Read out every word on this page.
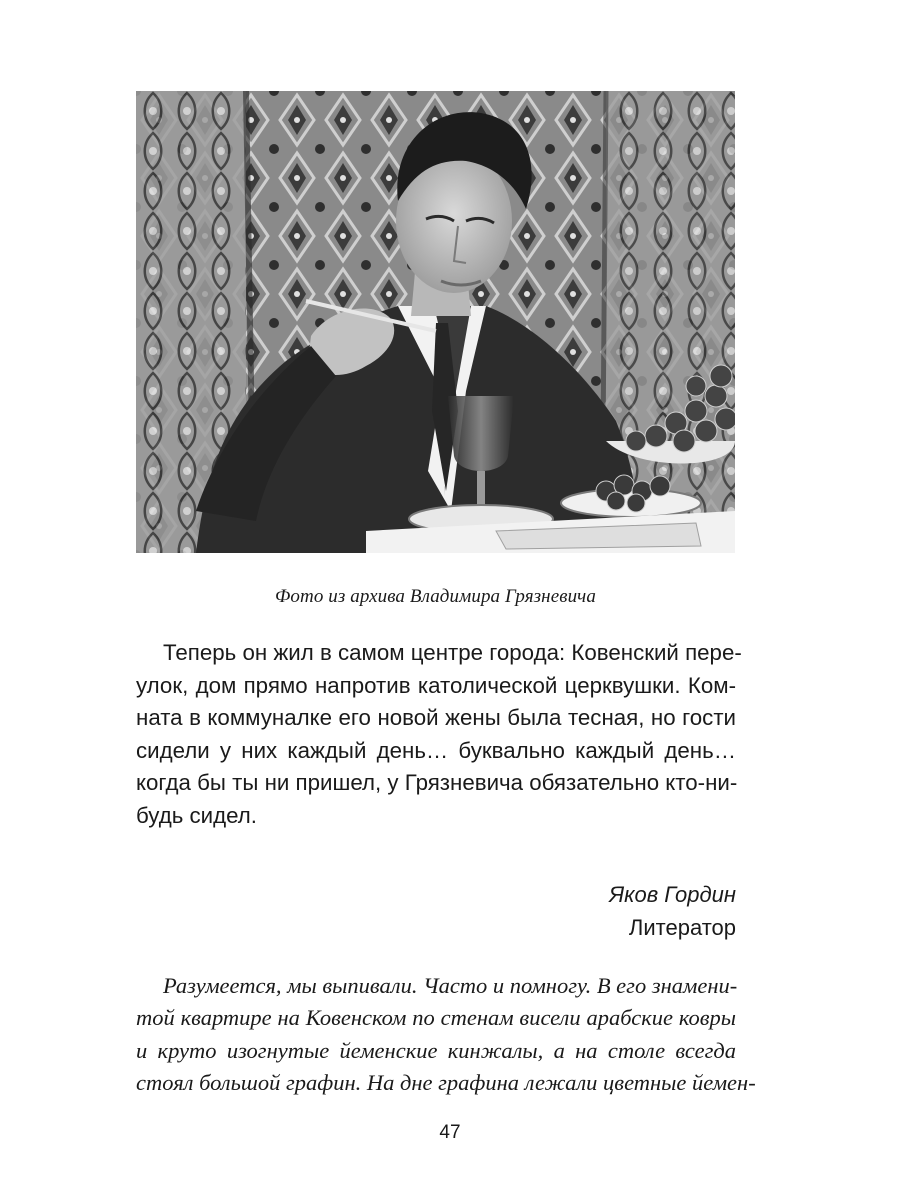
Фото из архива Владимира Грязневича
Теперь он жил в самом центре города: Ковенский пере-
улок, дом прямо напротив католической церквушки. Ком-
ната в коммуналке его новой жены была тесная, но гости
сидели у них каждый день… буквально каждый день…
когда бы ты ни пришел, у Грязневича обязательно кто-ни-
будь сидел.
Яков Гордин
Литератор
Разумеется, мы выпивали. Часто и помногу. В его знамени-
той квартире на Ковенском по стенам висели арабские ковры
и круто изогнутые йеменские кинжалы, а на столе всегда
стоял большой графин. На дне графина лежали цветные йемен-
47
